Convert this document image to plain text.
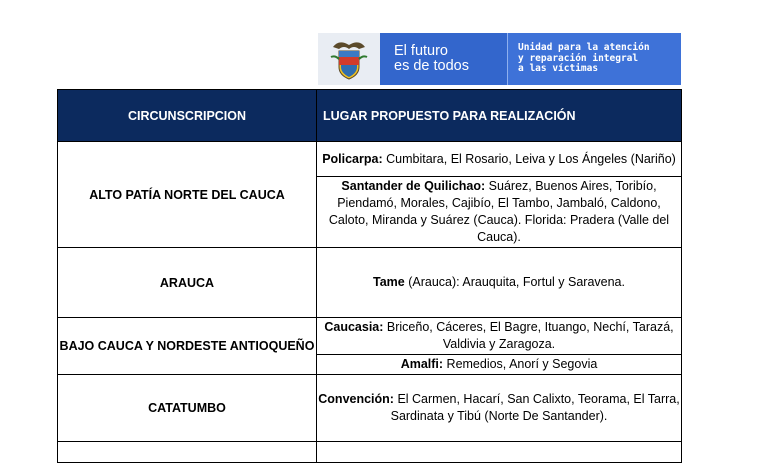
El futuro
es de todos
Unidad para la atención
y reparación integral
a las víctimas
CIRCUNSCRIPCION	LUGAR PROPUESTO PARA REALIZACIÓN
ALTO PATÍA NORTE DEL CAUCA	Policarpa: Cumbitara, El Rosario, Leiva y Los Ángeles (Nariño)
	Santander de Quilichao: Suárez, Buenos Aires, Toribío, Piendamó, Morales, Cajibío, El Tambo, Jambaló, Caldono, Caloto, Miranda y Suárez (Cauca). Florida: Pradera (Valle del Cauca).
ARAUCA	Tame (Arauca): Arauquita, Fortul y Saravena.
BAJO CAUCA Y NORDESTE ANTIOQUEÑO	Caucasia: Briceño, Cáceres, El Bagre, Ituango, Nechí, Tarazá, Valdivia y Zaragoza.
	Amalfi: Remedios, Anorí y Segovia
CATATUMBO	Convención: El Carmen, Hacarí, San Calixto, Teorama, El Tarra, Sardinata y Tibú (Norte De Santander).
